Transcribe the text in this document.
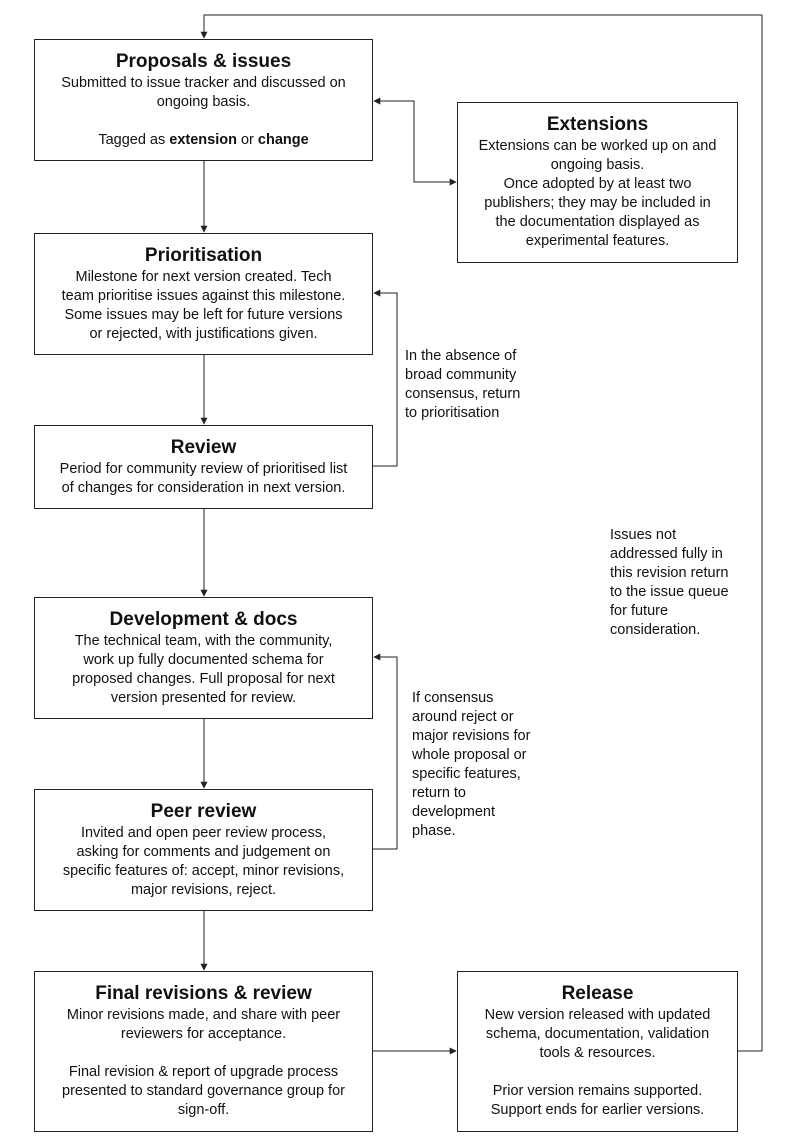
Proposals & issues
Submitted to issue tracker and discussed on
ongoing basis.
Tagged as extension or change
Extensions
Extensions can be worked up on and
ongoing basis.
Once adopted by at least two
publishers; they may be included in
the documentation displayed as
experimental features.
Prioritisation
Milestone for next version created. Tech
team prioritise issues against this milestone.
Some issues may be left for future versions
or rejected, with justifications given.
Review
Period for community review of prioritised list
of changes for consideration in next version.
Development & docs
The technical team, with the community,
work up fully documented schema for
proposed changes. Full proposal for next
version presented for review.
Peer review
Invited and open peer review process,
asking for comments and judgement on
specific features of: accept, minor revisions,
major revisions, reject.
Final revisions & review
Minor revisions made, and share with peer
reviewers for acceptance.
Final revision & report of upgrade process
presented to standard governance group for
sign-off.
Release
New version released with updated
schema, documentation, validation
tools & resources.
Prior version remains supported.
Support ends for earlier versions.
In the absence of
broad community
consensus, return
to prioritisation
Issues not
addressed fully in
this revision return
to the issue queue
for future
consideration.
If consensus
around reject or
major revisions for
whole proposal or
specific features,
return to
development
phase.
